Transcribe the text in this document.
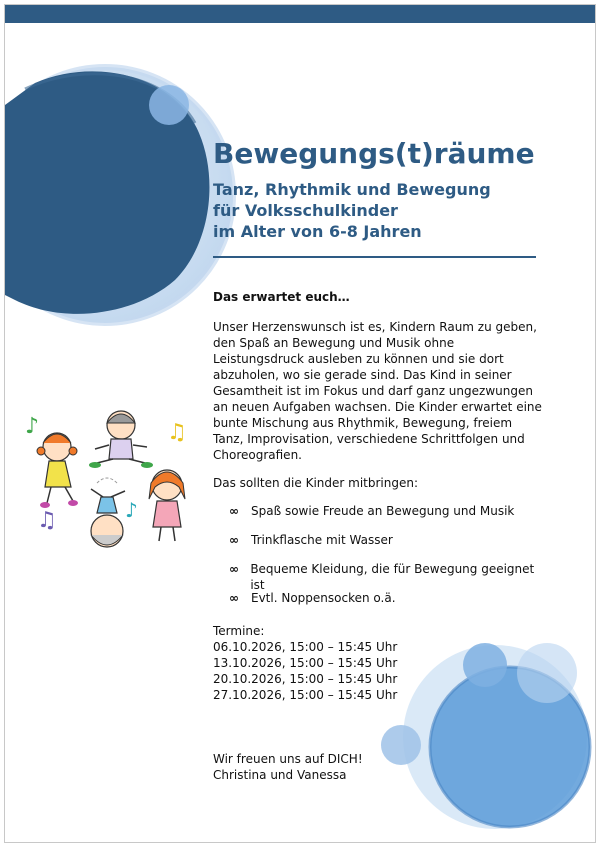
♪	♫
♫	♪
Bewegungs(t)räume
Tanz, Rhythmik und Bewegung
für Volksschulkinder
im Alter von 6-8 Jahren

Das erwartet euch…

Unser Herzenswunsch ist es, Kindern Raum zu geben, den Spaß an Bewegung und Musik ohne Leistungsdruck ausleben zu können und sie dort abzuholen, wo sie gerade sind. Das Kind in seiner Gesamtheit ist im Fokus und darf ganz ungezwungen an neuen Aufgaben wachsen. Die Kinder erwartet eine bunte Mischung aus Rhythmik, Bewegung, freiem Tanz, Improvisation, verschiedene Schrittfolgen und Choreografien.

Das sollten die Kinder mitbringen:

∞	Spaß sowie Freude an Bewegung und Musik
∞	Trinkflasche mit Wasser
∞ Bequeme Kleidung, die für Bewegung geeignet ist
∞	Evtl. Noppensocken o.ä.
Termine:
06.10.2026, 15:00 – 15:45 Uhr
13.10.2026, 15:00 – 15:45 Uhr
20.10.2026, 15:00 – 15:45 Uhr
27.10.2026, 15:00 – 15:45 Uhr
Wir freuen uns auf DICH!
Christina und Vanessa
